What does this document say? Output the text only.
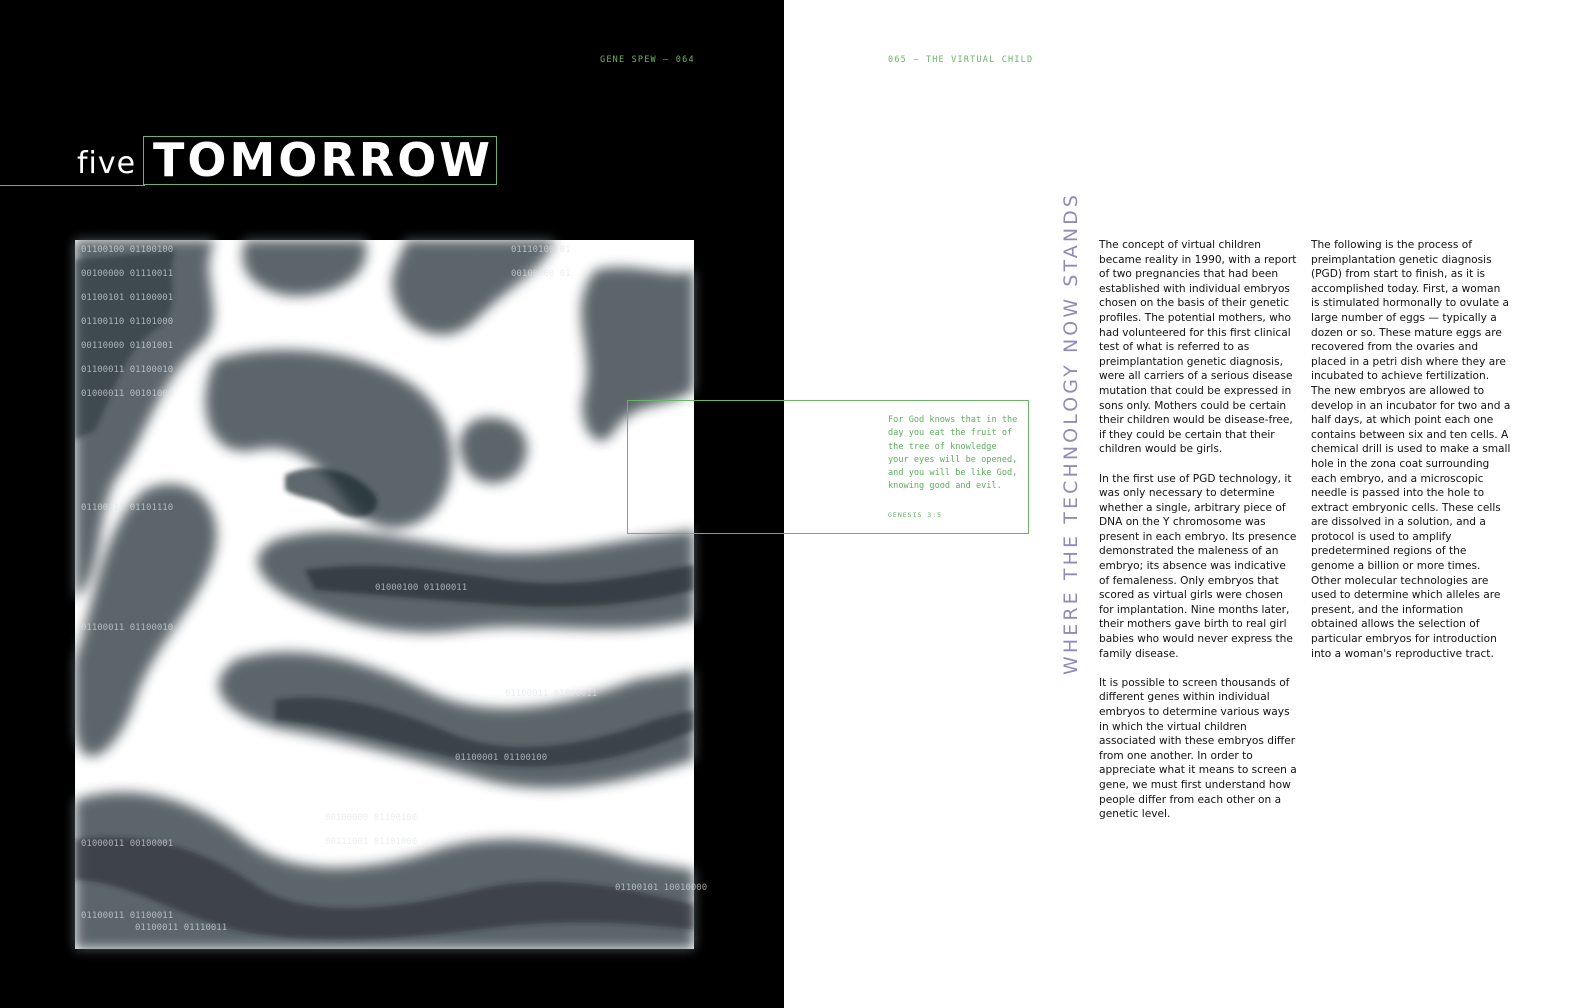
GENE SPEW — 064	065 — THE VIRTUAL CHILD
five TOMORROW
01100100 01100100
00100000 01110011
01100101 01100001
01100110 01101000
00110000 01101001
01100011 01100010
01000011 00101000
01100111 01101110
01100011 01100010
01000011 00100001
01100011 01100011
01110100 01
00100000 01
01000100 01100011
01100001 01100100
00100000 01100100
00111001 01101000
01100011 01000011
01100101 10010000
01100011 01110011
For God knows that in the day you eat the fruit of the tree of knowledge your eyes will be opened, and you will be like God, knowing good and evil.
GENESIS 3:5	WHERE THE TECHNOLOGY NOW STANDS The concept of virtual children became reality in 1990, with a report of two pregnancies that had been established with individual embryos chosen on the basis of their genetic profiles. The potential mothers, who had volunteered for this first clinical test of what is referred to as preimplantation genetic diagnosis, were all carriers of a serious disease mutation that could be expressed in sons only. Mothers could be certain their children would be disease-free, if they could be certain that their children would be girls.

In the first use of PGD technology, it was only necessary to determine whether a single, arbitrary piece of DNA on the Y chromosome was present in each embryo. Its presence demonstrated the maleness of an embryo; its absence was indicative of femaleness. Only embryos that scored as virtual girls were chosen for implantation. Nine months later, their mothers gave birth to real girl babies who would never express the family disease.

It is possible to screen thousands of different genes within individual embryos to determine various ways in which the virtual children associated with these embryos differ from one another. In order to appreciate what it means to screen a gene, we must first understand how people differ from each other on a genetic level.

The following is the process of preimplantation genetic diagnosis (PGD) from start to finish, as it is accomplished today. First, a woman is stimulated hormonally to ovulate a large number of eggs — typically a dozen or so. These mature eggs are recovered from the ovaries and placed in a petri dish where they are incubated to achieve fertilization. The new embryos are allowed to develop in an incubator for two and a half days, at which point each one contains between six and ten cells. A chemical drill is used to make a small hole in the zona coat surrounding each embryo, and a microscopic needle is passed into the hole to extract embryonic cells. These cells are dissolved in a solution, and a protocol is used to amplify predetermined regions of the genome a billion or more times. Other molecular technologies are used to determine which alleles are present, and the information obtained allows the selection of particular embryos for introduction into a woman's reproductive tract.
